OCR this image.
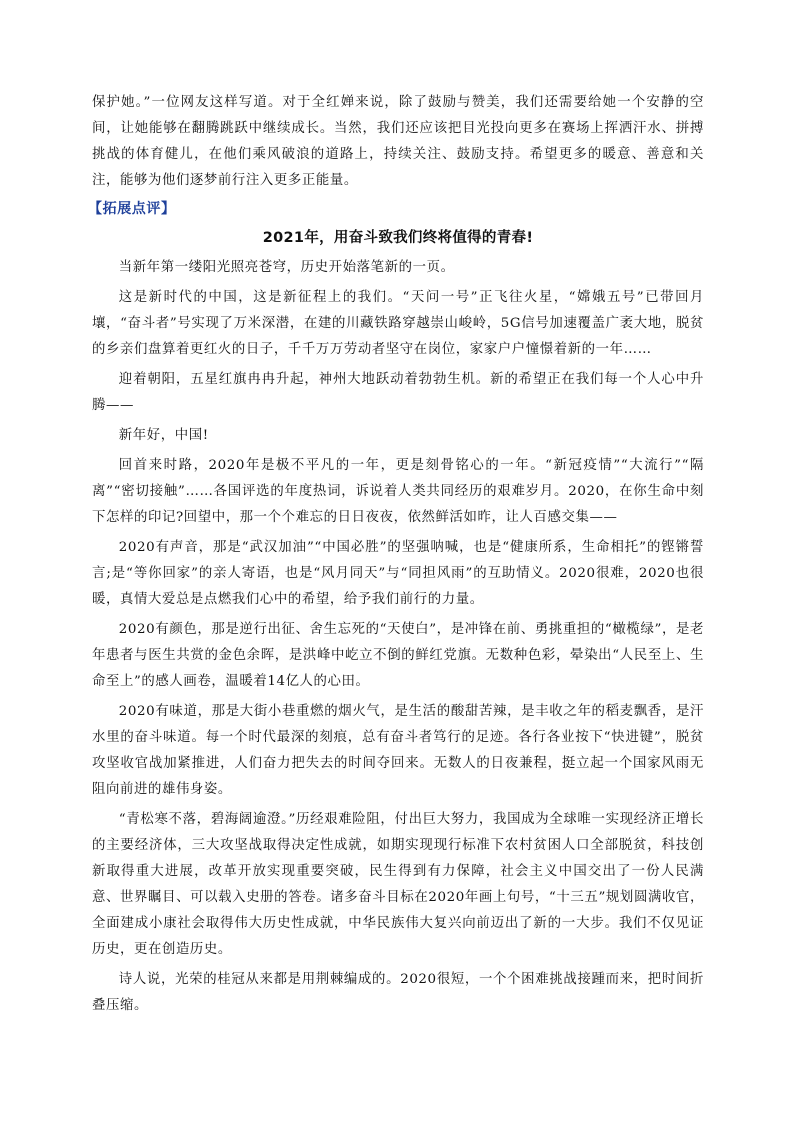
保护她。”一位网友这样写道。对于全红婵来说，除了鼓励与赞美，我们还需要给她一个安静的空间，让她能够在翻腾跳跃中继续成长。当然，我们还应该把目光投向更多在赛场上挥洒汗水、拼搏挑战的体育健儿，在他们乘风破浪的道路上，持续关注、鼓励支持。希望更多的暖意、善意和关注，能够为他们逐梦前行注入更多正能量。

【拓展点评】

2021年，用奋斗致我们终将值得的青春!

当新年第一缕阳光照亮苍穹，历史开始落笔新的一页。

这是新时代的中国，这是新征程上的我们。“天问一号”正飞往火星，“嫦娥五号”已带回月壤，“奋斗者”号实现了万米深潜，在建的川藏铁路穿越崇山峻岭，5G信号加速覆盖广袤大地，脱贫的乡亲们盘算着更红火的日子，千千万万劳动者坚守在岗位，家家户户憧憬着新的一年……

迎着朝阳，五星红旗冉冉升起，神州大地跃动着勃勃生机。新的希望正在我们每一个人心中升腾——

新年好，中国!

回首来时路，2020年是极不平凡的一年，更是刻骨铭心的一年。“新冠疫情”“大流行”“隔离”“密切接触”……各国评选的年度热词，诉说着人类共同经历的艰难岁月。2020，在你生命中刻下怎样的印记?回望中，那一个个难忘的日日夜夜，依然鲜活如昨，让人百感交集——

2020有声音，那是“武汉加油”“中国必胜”的坚强呐喊，也是“健康所系，生命相托”的铿锵誓言;是“等你回家”的亲人寄语，也是“风月同天”与“同担风雨”的互助情义。2020很难，2020也很暖，真情大爱总是点燃我们心中的希望，给予我们前行的力量。

2020有颜色，那是逆行出征、舍生忘死的“天使白”，是冲锋在前、勇挑重担的“橄榄绿”，是老年患者与医生共赏的金色余晖，是洪峰中屹立不倒的鲜红党旗。无数种色彩，晕染出“人民至上、生命至上”的感人画卷，温暖着14亿人的心田。

2020有味道，那是大街小巷重燃的烟火气，是生活的酸甜苦辣，是丰收之年的稻麦飘香，是汗水里的奋斗味道。每一个时代最深的刻痕，总有奋斗者笃行的足迹。各行各业按下“快进键”，脱贫攻坚收官战加紧推进，人们奋力把失去的时间夺回来。无数人的日夜兼程，挺立起一个国家风雨无阻向前进的雄伟身姿。

“青松寒不落，碧海阔逾澄。”历经艰难险阻，付出巨大努力，我国成为全球唯一实现经济正增长的主要经济体，三大攻坚战取得决定性成就，如期实现现行标准下农村贫困人口全部脱贫，科技创新取得重大进展，改革开放实现重要突破，民生得到有力保障，社会主义中国交出了一份人民满意、世界瞩目、可以载入史册的答卷。诸多奋斗目标在2020年画上句号，“十三五”规划圆满收官，全面建成小康社会取得伟大历史性成就，中华民族伟大复兴向前迈出了新的一大步。我们不仅见证历史，更在创造历史。

诗人说，光荣的桂冠从来都是用荆棘编成的。2020很短，一个个困难挑战接踵而来，把时间折叠压缩。
